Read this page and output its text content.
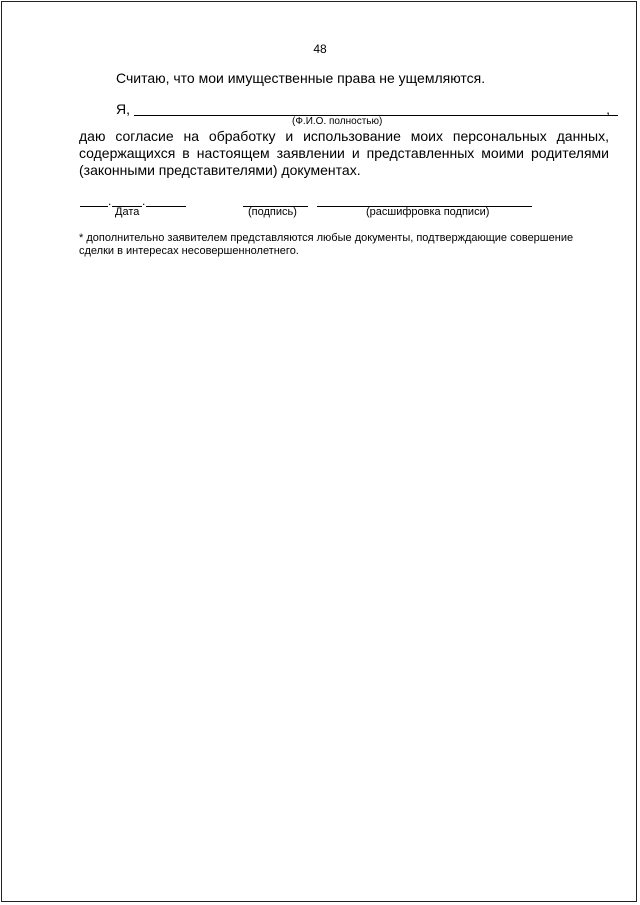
48
Считаю, что мои имущественные права не ущемляются.
Я,	,
(Ф.И.О. полностью)
даю согласие на обработку и использование моих персональных данных, содержащихся в настоящем заявлении и представленных моими родителями (законными представителями) документах.
.	.
Дата	(подпись)	(расшифровка подписи)
* дополнительно заявителем представляются любые документы, подтверждающие совершение сделки в интересах несовершеннолетнего.
